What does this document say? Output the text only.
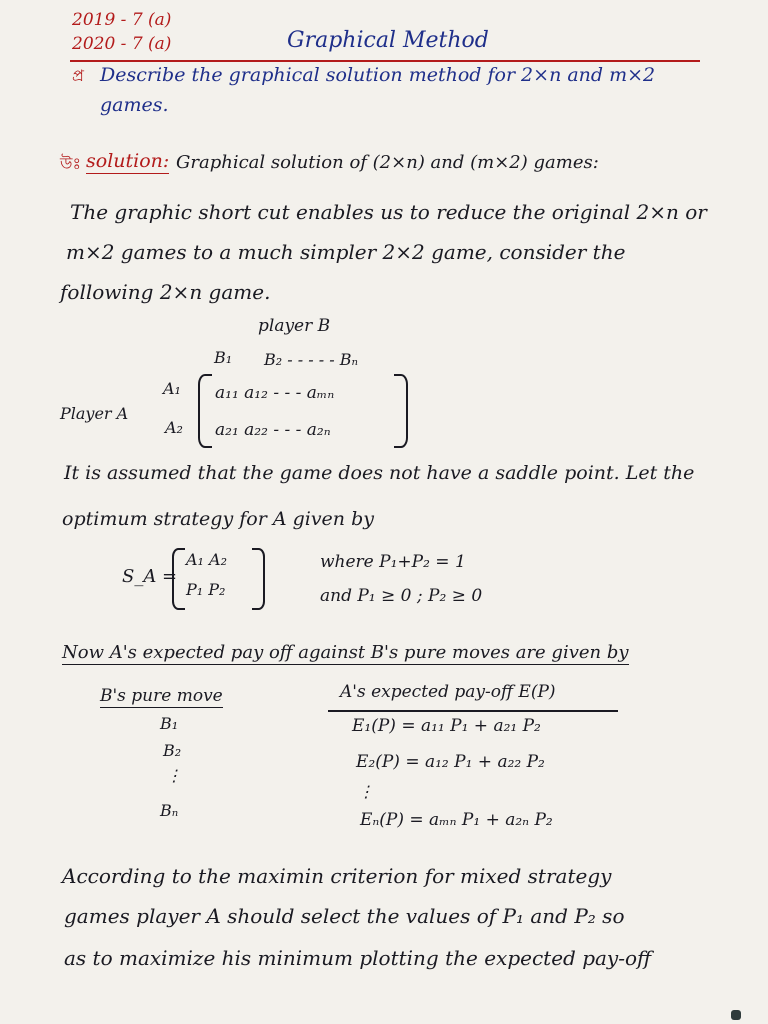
2019 - 7 (a)
2020 - 7 (a)	Graphical Method
প্র Describe the graphical solution method for 2×n and m×2
games.
উঃ solution: Graphical solution of (2×n) and (m×2) games:
The graphic short cut enables us to reduce the original 2×n or
m×2 games to a much simpler 2×2 game, consider the
following 2×n game.
player B
B₁ B₂ - - - - - Bₙ
A₁
A₂
Player A
a₁₁ a₁₂ - - - aₘₙ
a₂₁ a₂₂ - - - a₂ₙ
It is assumed that the game does not have a saddle point. Let the
optimum strategy for A given by
S_A =
A₁ A₂
P₁ P₂
where P₁+P₂ = 1
and P₁ ≥ 0 ; P₂ ≥ 0
Now A's expected pay off against B's pure moves are given by
B's pure move	A's expected pay-off E(P)
B₁
B₂
⋮
Bₙ
E₁(P) = a₁₁ P₁ + a₂₁ P₂
E₂(P) = a₁₂ P₁ + a₂₂ P₂
⋮
Eₙ(P) = aₘₙ P₁ + a₂ₙ P₂
According to the maximin criterion for mixed strategy
games player A should select the values of P₁ and P₂ so
as to maximize his minimum plotting the expected pay-off
